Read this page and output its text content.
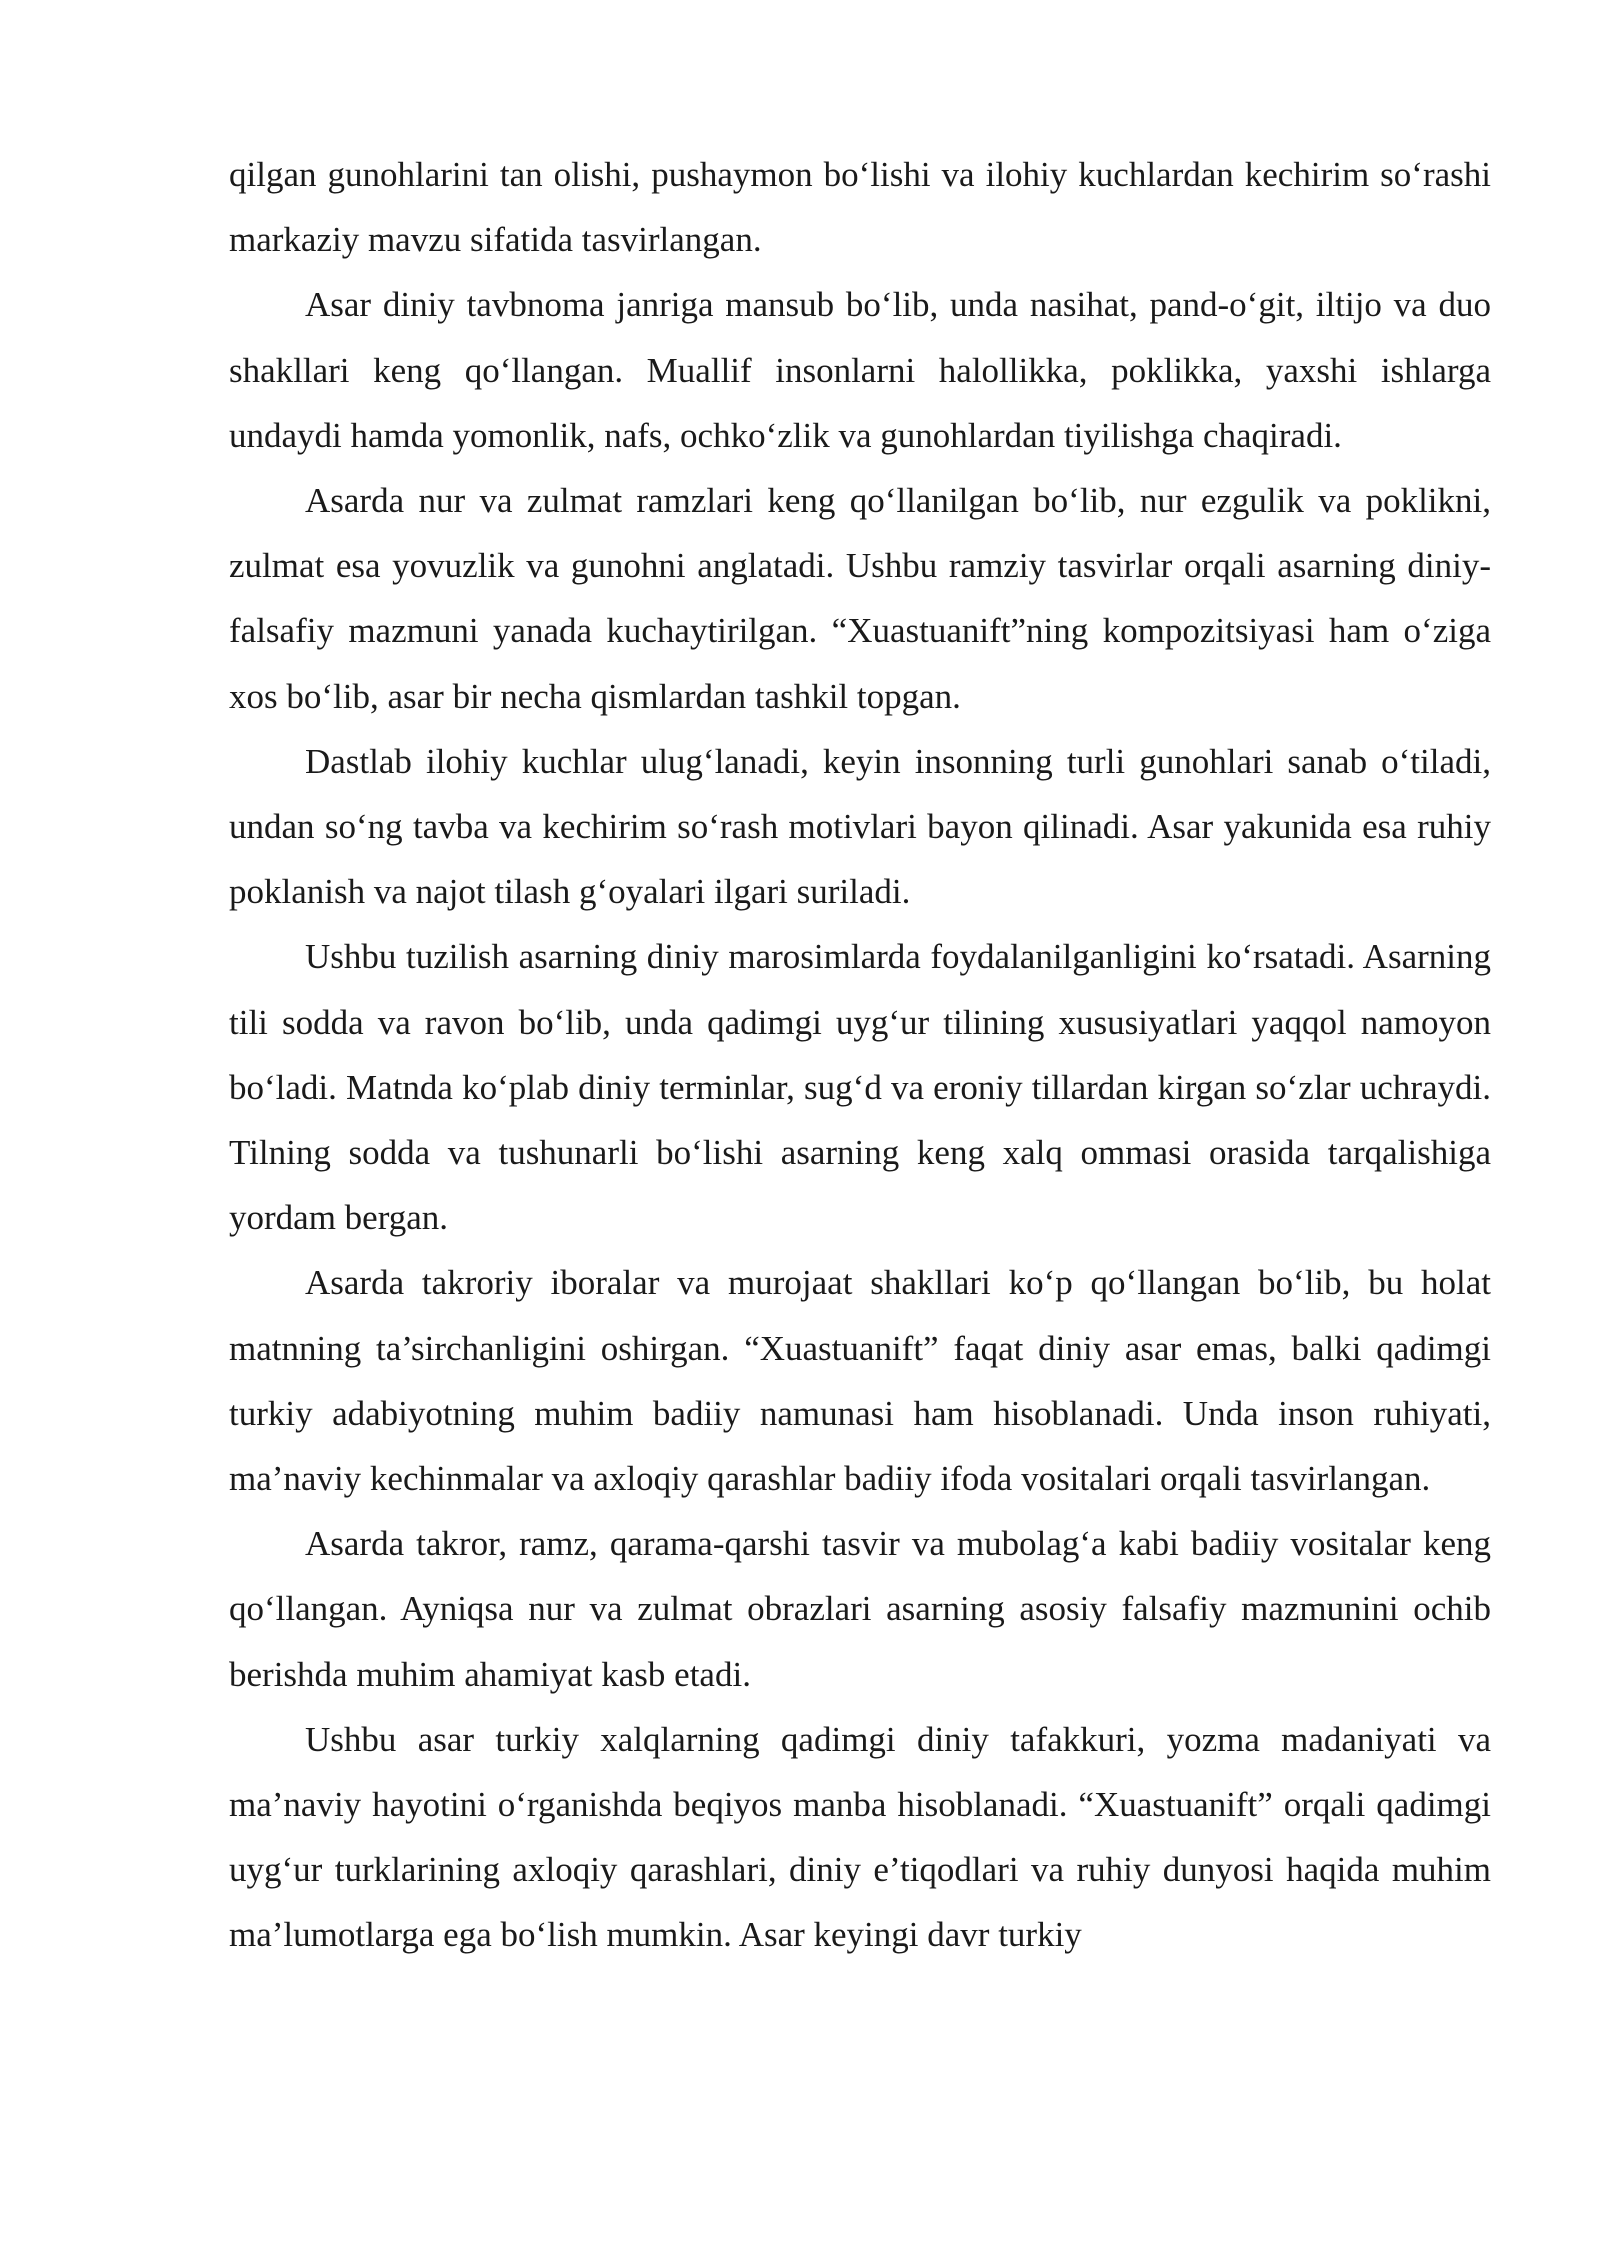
qilgan gunohlarini tan olishi, pushaymon bo‘lishi va ilohiy kuchlardan kechirim so‘rashi markaziy mavzu sifatida tasvirlangan.

Asar diniy tavbnoma janriga mansub bo‘lib, unda nasihat, pand-o‘git, iltijo va duo shakllari keng qo‘llangan. Muallif insonlarni halollikka, poklikka, yaxshi ishlarga undaydi hamda yomonlik, nafs, ochko‘zlik va gunohlardan tiyilishga chaqiradi.

Asarda nur va zulmat ramzlari keng qo‘llanilgan bo‘lib, nur ezgulik va poklikni, zulmat esa yovuzlik va gunohni anglatadi. Ushbu ramziy tasvirlar orqali asarning diniy-falsafiy mazmuni yanada kuchaytirilgan. “Xuastuanift”ning kompozitsiyasi ham o‘ziga xos bo‘lib, asar bir necha qismlardan tashkil topgan.

Dastlab ilohiy kuchlar ulug‘lanadi, keyin insonning turli gunohlari sanab o‘tiladi, undan so‘ng tavba va kechirim so‘rash motivlari bayon qilinadi. Asar yakunida esa ruhiy poklanish va najot tilash g‘oyalari ilgari suriladi.

Ushbu tuzilish asarning diniy marosimlarda foydalanilganligini ko‘rsatadi. Asarning tili sodda va ravon bo‘lib, unda qadimgi uyg‘ur tilining xususiyatlari yaqqol namoyon bo‘ladi. Matnda ko‘plab diniy terminlar, sug‘d va eroniy tillardan kirgan so‘zlar uchraydi. Tilning sodda va tushunarli bo‘lishi asarning keng xalq ommasi orasida tarqalishiga yordam bergan.

Asarda takroriy iboralar va murojaat shakllari ko‘p qo‘llangan bo‘lib, bu holat matnning ta’sirchanligini oshirgan. “Xuastuanift” faqat diniy asar emas, balki qadimgi turkiy adabiyotning muhim badiiy namunasi ham hisoblanadi. Unda inson ruhiyati, ma’naviy kechinmalar va axloqiy qarashlar badiiy ifoda vositalari orqali tasvirlangan.

Asarda takror, ramz, qarama-qarshi tasvir va mubolag‘a kabi badiiy vositalar keng qo‘llangan. Ayniqsa nur va zulmat obrazlari asarning asosiy falsafiy mazmunini ochib berishda muhim ahamiyat kasb etadi.

Ushbu asar turkiy xalqlarning qadimgi diniy tafakkuri, yozma madaniyati va ma’naviy hayotini o‘rganishda beqiyos manba hisoblanadi. “Xuastuanift” orqali qadimgi uyg‘ur turklarining axloqiy qarashlari, diniy e’tiqodlari va ruhiy dunyosi haqida muhim ma’lumotlarga ega bo‘lish mumkin. Asar keyingi davr turkiy
